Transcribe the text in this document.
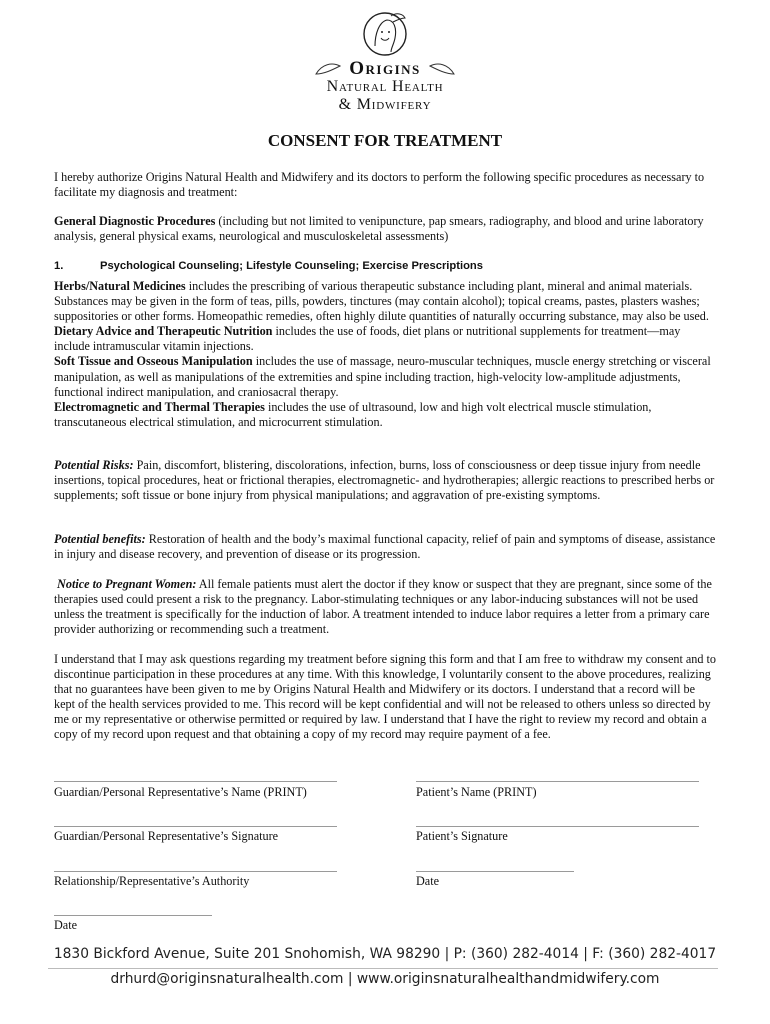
Origins
Natural Health
& Midwifery
CONSENT FOR TREATMENT

I hereby authorize Origins Natural Health and Midwifery and its doctors to perform the following specific procedures as necessary to facilitate my diagnosis and treatment:

General Diagnostic Procedures (including but not limited to venipuncture, pap smears, radiography, and blood and urine laboratory analysis, general physical exams, neurological and musculoskeletal assessments)

1.	Psychological Counseling; Lifestyle Counseling; Exercise Prescriptions

Herbs/Natural Medicines includes the prescribing of various therapeutic substance including plant, mineral and animal materials. Substances may be given in the form of teas, pills, powders, tinctures (may contain alcohol); topical creams, pastes, plasters washes; suppositories or other forms. Homeopathic remedies, often highly dilute quantities of naturally occurring substance, may also be used.

Dietary Advice and Therapeutic Nutrition includes the use of foods, diet plans or nutritional supplements for treatment—may include intramuscular vitamin injections.

Soft Tissue and Osseous Manipulation includes the use of massage, neuro-muscular techniques, muscle energy stretching or visceral manipulation, as well as manipulations of the extremities and spine including traction, high-velocity low-amplitude adjustments, functional indirect manipulation, and craniosacral therapy.

Electromagnetic and Thermal Therapies includes the use of ultrasound, low and high volt electrical muscle stimulation, transcutaneous electrical stimulation, and microcurrent stimulation.

Potential Risks: Pain, discomfort, blistering, discolorations, infection, burns, loss of consciousness or deep tissue injury from needle insertions, topical procedures, heat or frictional therapies, electromagnetic- and hydrotherapies; allergic reactions to prescribed herbs or supplements; soft tissue or bone injury from physical manipulations; and aggravation of pre-existing symptoms.

Potential benefits: Restoration of health and the body’s maximal functional capacity, relief of pain and symptoms of disease, assistance in injury and disease recovery, and prevention of disease or its progression.

Notice to Pregnant Women: All female patients must alert the doctor if they know or suspect that they are pregnant, since some of the therapies used could present a risk to the pregnancy. Labor-stimulating techniques or any labor-inducing substances will not be used unless the treatment is specifically for the induction of labor. A treatment intended to induce labor requires a letter from a primary care provider authorizing or recommending such a treatment.

I understand that I may ask questions regarding my treatment before signing this form and that I am free to withdraw my consent and to discontinue participation in these procedures at any time. With this knowledge, I voluntarily consent to the above procedures, realizing that no guarantees have been given to me by Origins Natural Health and Midwifery or its doctors. I understand that a record will be kept of the health services provided to me. This record will be kept confidential and will not be released to others unless so directed by me or my representative or otherwise permitted or required by law. I understand that I have the right to review my record and obtain a copy of my record upon request and that obtaining a copy of my record may require payment of a fee.

Guardian/Personal Representative’s Name (PRINT)	Patient’s Name (PRINT)
Guardian/Personal Representative’s Signature	Patient’s Signature
Relationship/Representative’s Authority	Date
Date
1830 Bickford Avenue, Suite 201 Snohomish, WA 98290 | P: (360) 282-4014 | F: (360) 282-4017
drhurd@originsnaturalhealth.com | www.originsnaturalhealthandmidwifery.com
